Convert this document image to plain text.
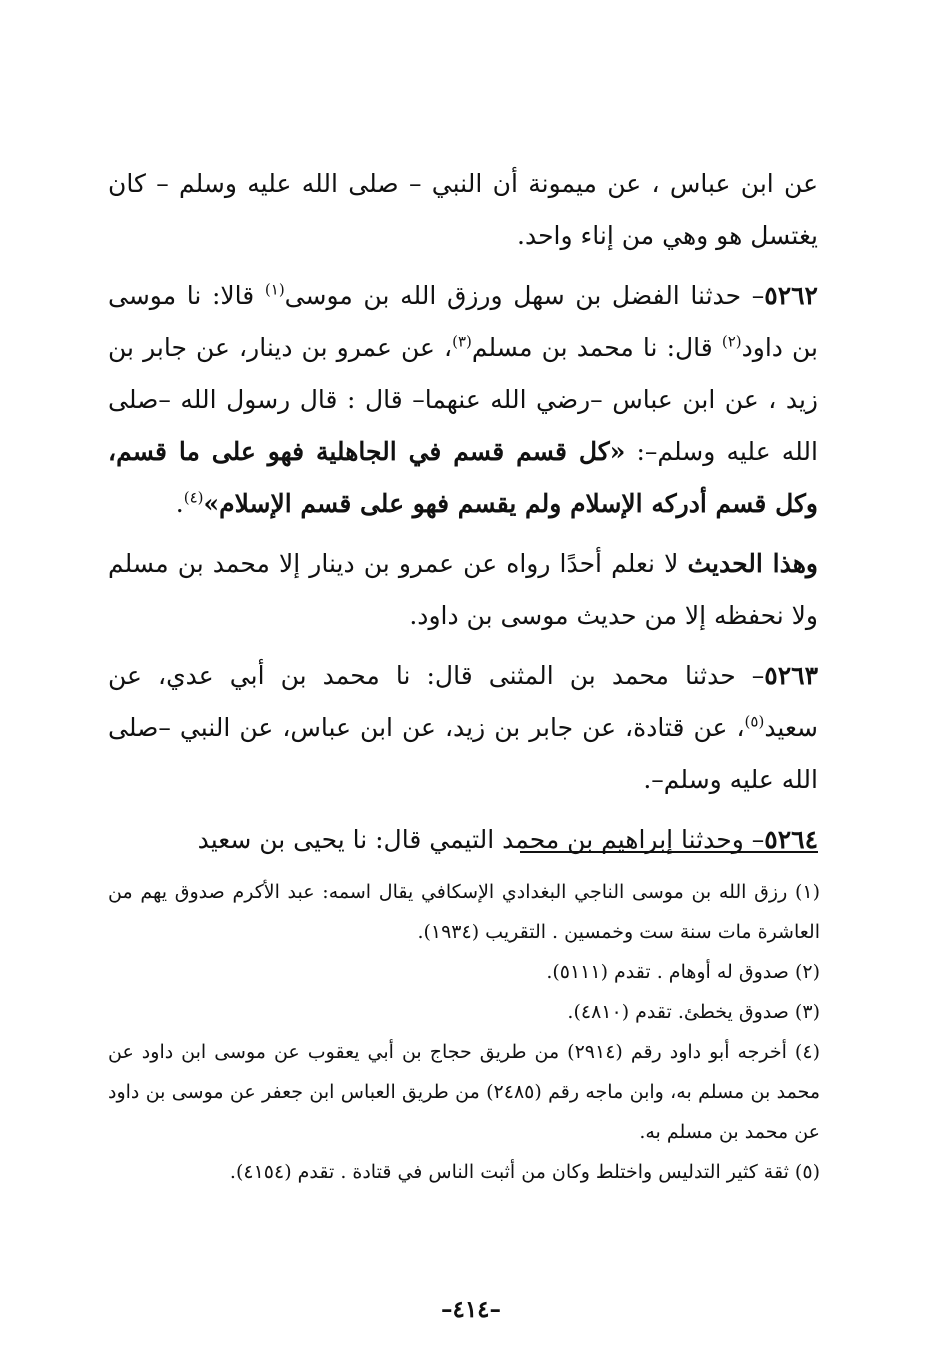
عن ابن عباس ، عن ميمونة أن النبي – صلى الله عليه وسلم – كان يغتسل هو وهي من إناء واحد.

٥٢٦٢– حدثنا الفضل بن سهل ورزق الله بن موسى$^{(١)}$ قالا: نا موسى بن داود$^{(٢)}$ قال: نا محمد بن مسلم$^{(٣)}$، عن عمرو بن دينار، عن جابر بن زيد ، عن ابن عباس –رضي الله عنهما– قال : قال رسول الله –صلى الله عليه وسلم–: «كل قسم قسم في الجاهلية فهو على ما قسم، وكل قسم أدركه الإسلام ولم يقسم فهو على قسم الإسلام»$^{(٤)}$.

وهذا الحديث لا نعلم أحدًا رواه عن عمرو بن دينار إلا محمد بن مسلم ولا نحفظه إلا من حديث موسى بن داود.

٥٢٦٣– حدثنا محمد بن المثنى قال: نا محمد بن أبي عدي، عن سعيد$^{(٥)}$، عن قتادة، عن جابر بن زيد، عن ابن عباس، عن النبي –صلى الله عليه وسلم–.

٥٢٦٤– وحدثنا إبراهيم بن محمد التيمي قال: نا يحيى بن سعيد

(١) رزق الله بن موسى الناجي البغدادي الإسكافي يقال اسمه: عبد الأكرم صدوق يهم من العاشرة مات سنة ست وخمسين . التقريب (١٩٣٤).

(٢) صدوق له أوهام . تقدم (٥١١١).

(٣) صدوق يخطئ. تقدم (٤٨١٠).

(٤) أخرجه أبو داود رقم (٢٩١٤) من طريق حجاج بن أبي يعقوب عن موسى ابن داود عن محمد بن مسلم به، وابن ماجه رقم (٢٤٨٥) من طريق العباس ابن جعفر عن موسى بن داود عن محمد بن مسلم به.

(٥) ثقة كثير التدليس واختلط وكان من أثبت الناس في قتادة . تقدم (٤١٥٤).

–٤١٤–
